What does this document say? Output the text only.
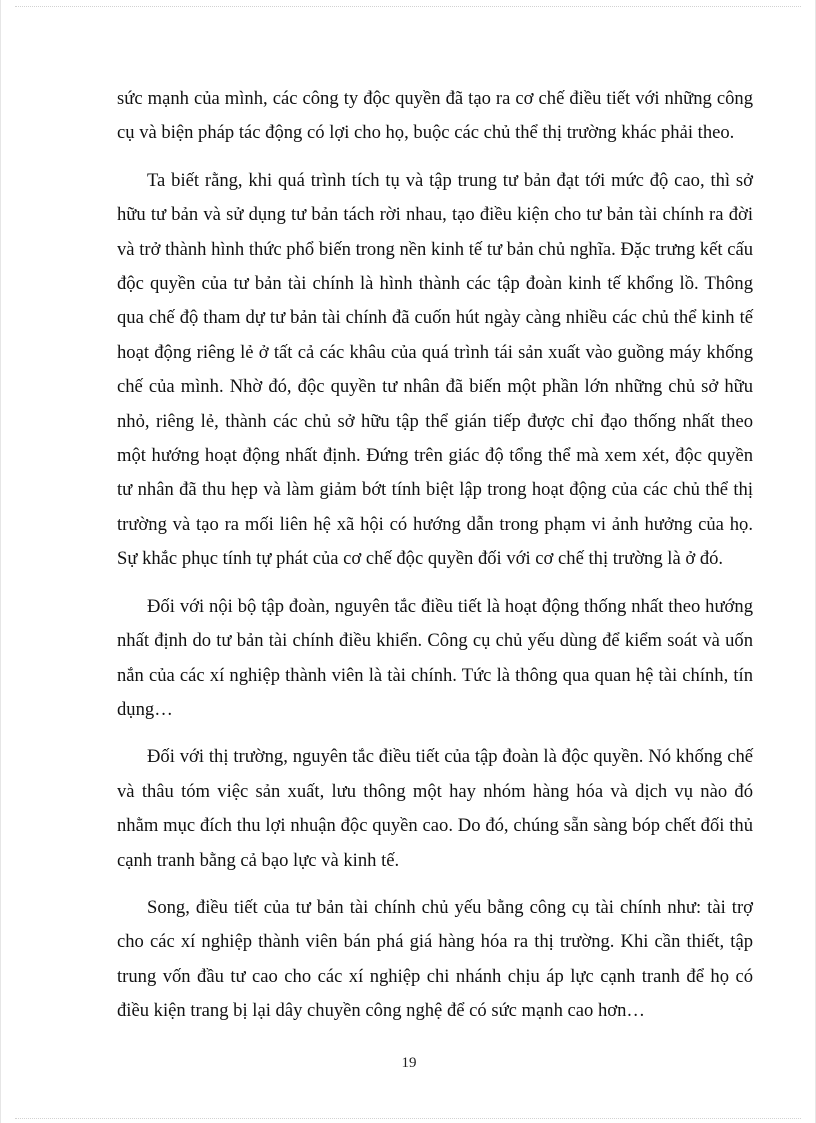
sức mạnh của mình, các công ty độc quyền đã tạo ra cơ chế điều tiết với những công cụ và biện pháp tác động có lợi cho họ, buộc các chủ thể thị trường khác phải theo.

Ta biết rằng, khi quá trình tích tụ và tập trung tư bản đạt tới mức độ cao, thì sở hữu tư bản và sử dụng tư bản tách rời nhau, tạo điều kiện cho tư bản tài chính ra đời và trở thành hình thức phổ biến trong nền kinh tế tư bản chủ nghĩa. Đặc trưng kết cấu độc quyền của tư bản tài chính là hình thành các tập đoàn kinh tế khổng lồ. Thông qua chế độ tham dự tư bản tài chính đã cuốn hút ngày càng nhiều các chủ thể kinh tế hoạt động riêng lẻ ở tất cả các khâu của quá trình tái sản xuất vào guồng máy khống chế của mình. Nhờ đó, độc quyền tư nhân đã biến một phần lớn những chủ sở hữu nhỏ, riêng lẻ, thành các chủ sở hữu tập thể gián tiếp được chỉ đạo thống nhất theo một hướng hoạt động nhất định. Đứng trên giác độ tổng thể mà xem xét, độc quyền tư nhân đã thu hẹp và làm giảm bớt tính biệt lập trong hoạt động của các chủ thể thị trường và tạo ra mối liên hệ xã hội có hướng dẫn trong phạm vi ảnh hưởng của họ. Sự khắc phục tính tự phát của cơ chế độc quyền đối với cơ chế thị trường là ở đó.

Đối với nội bộ tập đoàn, nguyên tắc điều tiết là hoạt động thống nhất theo hướng nhất định do tư bản tài chính điều khiển. Công cụ chủ yếu dùng để kiểm soát và uốn nắn của các xí nghiệp thành viên là tài chính. Tức là thông qua quan hệ tài chính, tín dụng…

Đối với thị trường, nguyên tắc điều tiết của tập đoàn là độc quyền. Nó khống chế và thâu tóm việc sản xuất, lưu thông một hay nhóm hàng hóa và dịch vụ nào đó nhằm mục đích thu lợi nhuận độc quyền cao. Do đó, chúng sẵn sàng bóp chết đối thủ cạnh tranh bằng cả bạo lực và kinh tế.

Song, điều tiết của tư bản tài chính chủ yếu bằng công cụ tài chính như: tài trợ cho các xí nghiệp thành viên bán phá giá hàng hóa ra thị trường. Khi cần thiết, tập trung vốn đầu tư cao cho các xí nghiệp chi nhánh chịu áp lực cạnh tranh để họ có điều kiện trang bị lại dây chuyền công nghệ để có sức mạnh cao hơn…

19
